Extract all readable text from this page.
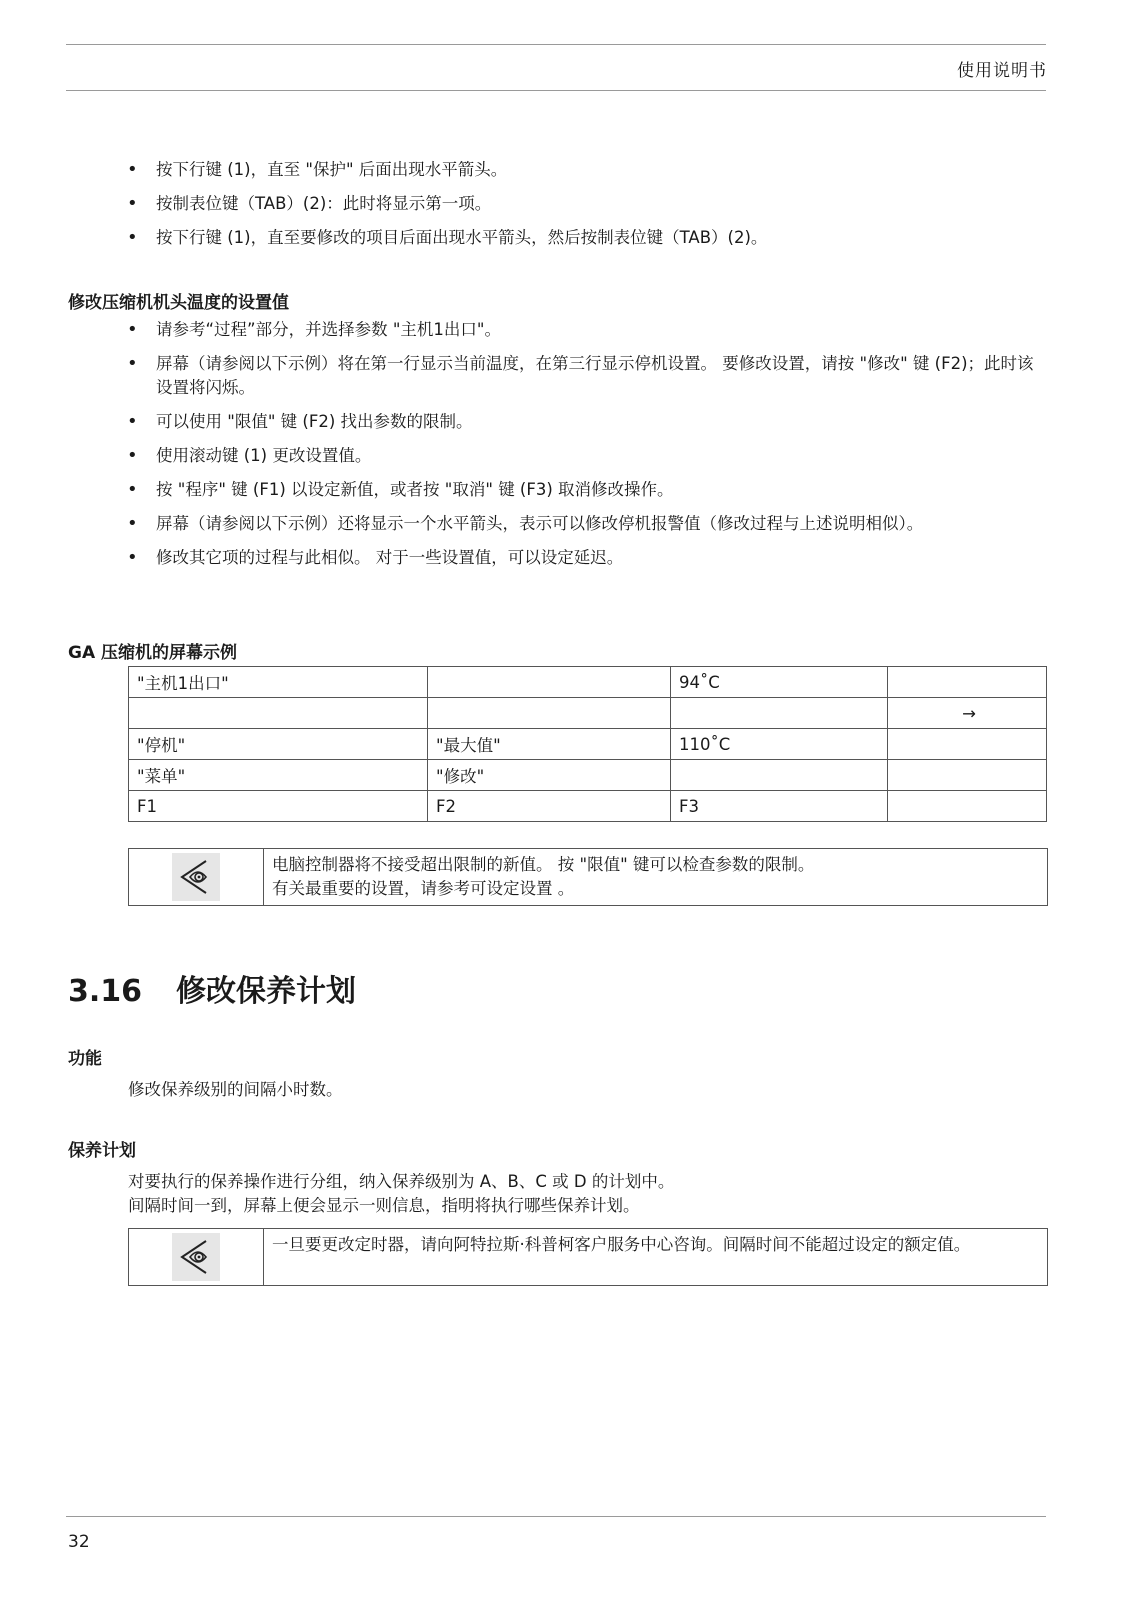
使用说明书
• 按下行键 (1)，直至 "保护" 后面出现水平箭头。
• 按制表位键（TAB）(2)：此时将显示第一项。
• 按下行键 (1)，直至要修改的项目后面出现水平箭头，然后按制表位键（TAB）(2)。
修改压缩机机头温度的设置值
• 请参考“过程”部分，并选择参数 "主机1出口"。
• 屏幕（请参阅以下示例）将在第一行显示当前温度，在第三行显示停机设置。 要修改设置，请按 "修改" 键 (F2)；此时该设置将闪烁。
• 可以使用 "限值" 键 (F2) 找出参数的限制。
• 使用滚动键 (1) 更改设置值。
• 按 "程序" 键 (F1) 以设定新值，或者按 "取消" 键 (F3) 取消修改操作。
• 屏幕（请参阅以下示例）还将显示一个水平箭头，表示可以修改停机报警值（修改过程与上述说明相似）。
• 修改其它项的过程与此相似。 对于一些设置值，可以设定延迟。
GA 压缩机的屏幕示例
"主机1出口"		94˚C	
			→
"停机"	"最大值"	110˚C	
"菜单"	"修改"		
F1	F2	F3	
电脑控制器将不接受超出限制的新值。 按 "限值" 键可以检查参数的限制。
有关最重要的设置，请参考可设定设置 。
3.16 修改保养计划
功能
修改保养级别的间隔小时数。
保养计划
对要执行的保养操作进行分组，纳入保养级别为 A、B、C 或 D 的计划中。
间隔时间一到，屏幕上便会显示一则信息，指明将执行哪些保养计划。
一旦要更改定时器，请向阿特拉斯·科普柯客户服务中心咨询。间隔时间不能超过设定的额定值。
32
